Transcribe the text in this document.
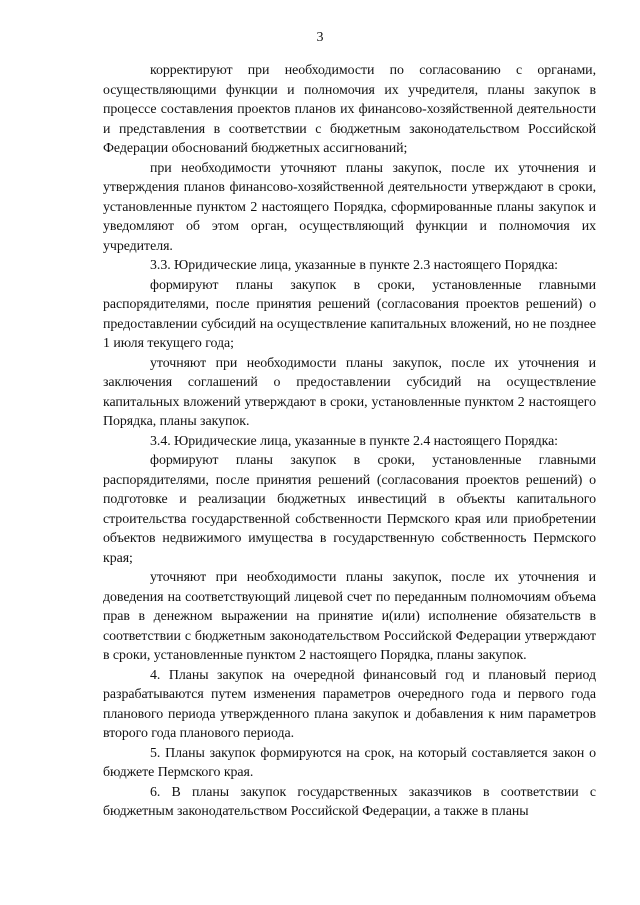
3

корректируют при необходимости по согласованию с органами, осуществляющими функции и полномочия их учредителя, планы закупок в процессе составления проектов планов их финансово-хозяйственной деятельности и представления в соответствии с бюджетным законодательством Российской Федерации обоснований бюджетных ассигнований;

при необходимости уточняют планы закупок, после их уточнения и утверждения планов финансово-хозяйственной деятельности утверждают в сроки, установленные пунктом 2 настоящего Порядка, сформированные планы закупок и уведомляют об этом орган, осуществляющий функции и полномочия их учредителя.

3.3. Юридические лица, указанные в пункте 2.3 настоящего Порядка:

формируют планы закупок в сроки, установленные главными распорядителями, после принятия решений (согласования проектов решений) о предоставлении субсидий на осуществление капитальных вложений, но не позднее 1 июля текущего года;

уточняют при необходимости планы закупок, после их уточнения и заключения соглашений о предоставлении субсидий на осуществление капитальных вложений утверждают в сроки, установленные пунктом 2 настоящего Порядка, планы закупок.

3.4. Юридические лица, указанные в пункте 2.4 настоящего Порядка:

формируют планы закупок в сроки, установленные главными распорядителями, после принятия решений (согласования проектов решений) о подготовке и реализации бюджетных инвестиций в объекты капитального строительства государственной собственности Пермского края или приобретении объектов недвижимого имущества в государственную собственность Пермского края;

уточняют при необходимости планы закупок, после их уточнения и доведения на соответствующий лицевой счет по переданным полномочиям объема прав в денежном выражении на принятие и(или) исполнение обязательств в соответствии с бюджетным законодательством Российской Федерации утверждают в сроки, установленные пунктом 2 настоящего Порядка, планы закупок.

4. Планы закупок на очередной финансовый год и плановый период разрабатываются путем изменения параметров очередного года и первого года планового периода утвержденного плана закупок и добавления к ним параметров второго года планового периода.

5. Планы закупок формируются на срок, на который составляется закон о бюджете Пермского края.

6. В планы закупок государственных заказчиков в соответствии с бюджетным законодательством Российской Федерации, а также в планы
